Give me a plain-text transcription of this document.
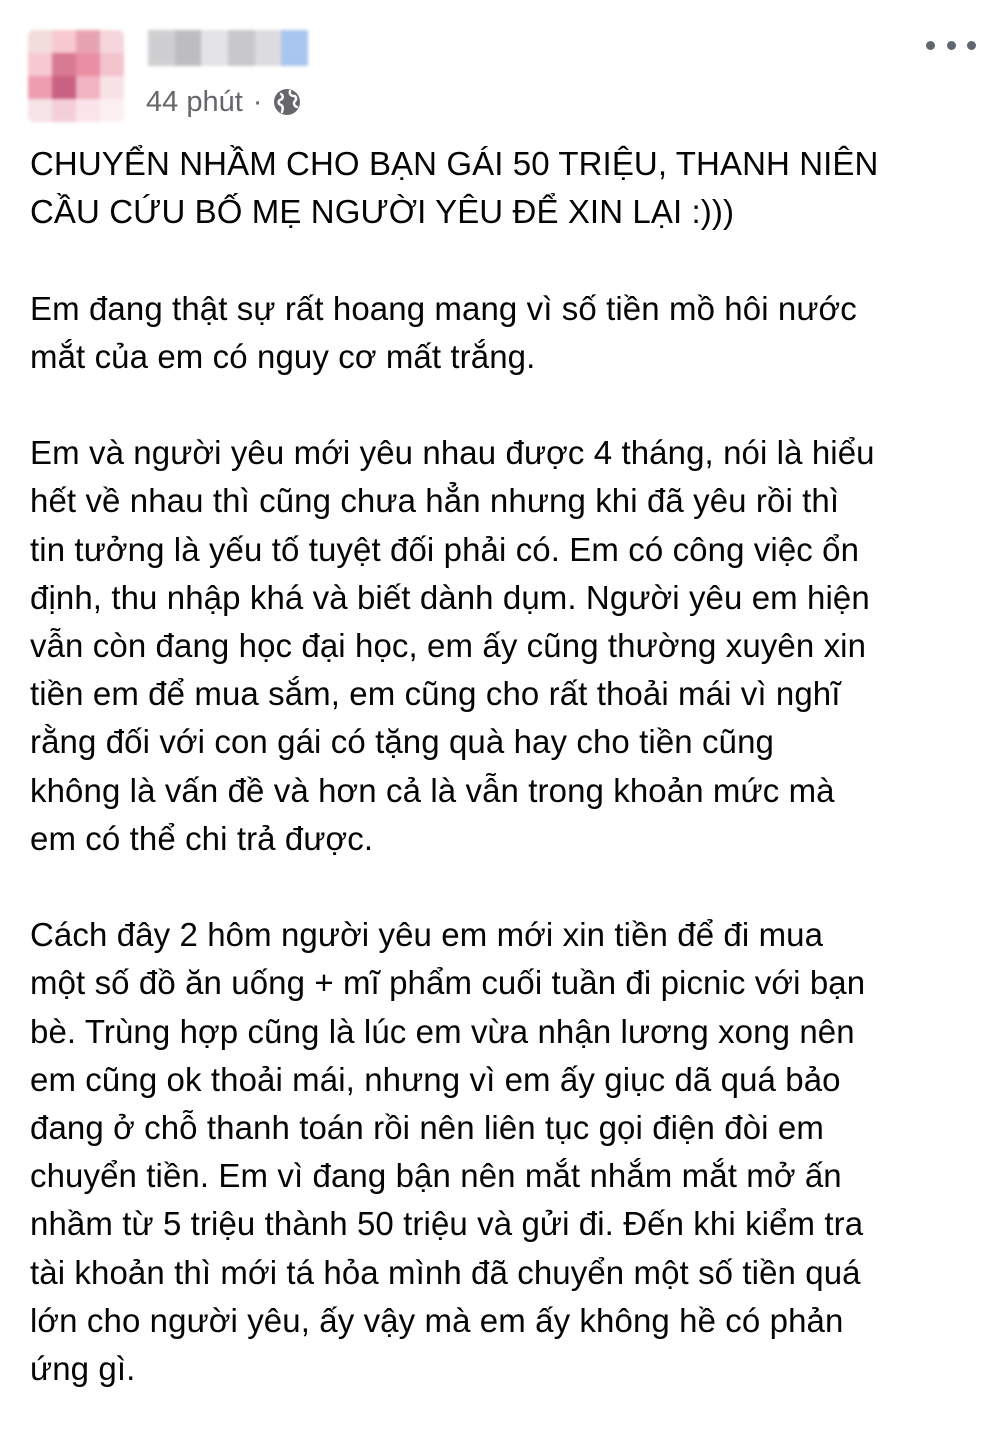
44 phút ·

CHUYỂN NHẦM CHO BẠN GÁI 50 TRIỆU, THANH NIÊN
CẦU CỨU BỐ MẸ NGƯỜI YÊU ĐỂ XIN LẠI :)))

Em đang thật sự rất hoang mang vì số tiền mồ hôi nước
mắt của em có nguy cơ mất trắng.

Em và người yêu mới yêu nhau được 4 tháng, nói là hiểu
hết về nhau thì cũng chưa hẳn nhưng khi đã yêu rồi thì
tin tưởng là yếu tố tuyệt đối phải có. Em có công việc ổn
định, thu nhập khá và biết dành dụm. Người yêu em hiện
vẫn còn đang học đại học, em ấy cũng thường xuyên xin
tiền em để mua sắm, em cũng cho rất thoải mái vì nghĩ
rằng đối với con gái có tặng quà hay cho tiền cũng
không là vấn đề và hơn cả là vẫn trong khoản mức mà
em có thể chi trả được.

Cách đây 2 hôm người yêu em mới xin tiền để đi mua
một số đồ ăn uống + mĩ phẩm cuối tuần đi picnic với bạn
bè. Trùng hợp cũng là lúc em vừa nhận lương xong nên
em cũng ok thoải mái, nhưng vì em ấy giục dã quá bảo
đang ở chỗ thanh toán rồi nên liên tục gọi điện đòi em
chuyển tiền. Em vì đang bận nên mắt nhắm mắt mở ấn
nhầm từ 5 triệu thành 50 triệu và gửi đi. Đến khi kiểm tra
tài khoản thì mới tá hỏa mình đã chuyển một số tiền quá
lớn cho người yêu, ấy vậy mà em ấy không hề có phản
ứng gì.
